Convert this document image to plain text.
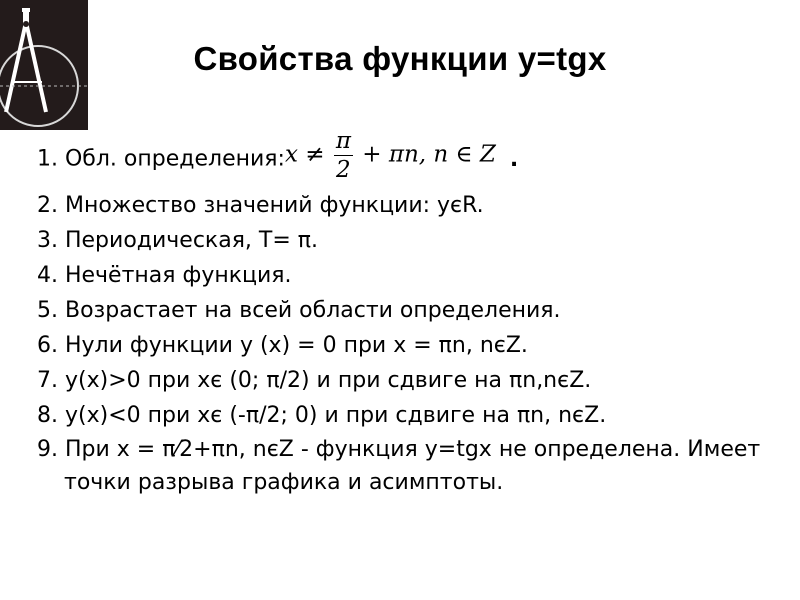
Свойства функции y=tgx
1. Обл. определения:x ≠ $\frac{\pi}{2} + \pi n$, n ∈ Z .
2. Множество значений функции: yєR.
3. Периодическая, Т= π.
4. Нечётная функция.
5. Возрастает на всей области определения.
6. Нули функции у (х) = 0 при х = πn, nєZ.
7. у(х)>0 при хє (0; π/2) и при сдвиге на πn,nєZ.
8. у(х)<0 при хє (-π/2; 0) и при сдвиге на πn, nєZ.
9. При х = π⁄2+πn, nєZ - функция y=tgx не определена. Имеет точки разрыва графика и асимптоты.
